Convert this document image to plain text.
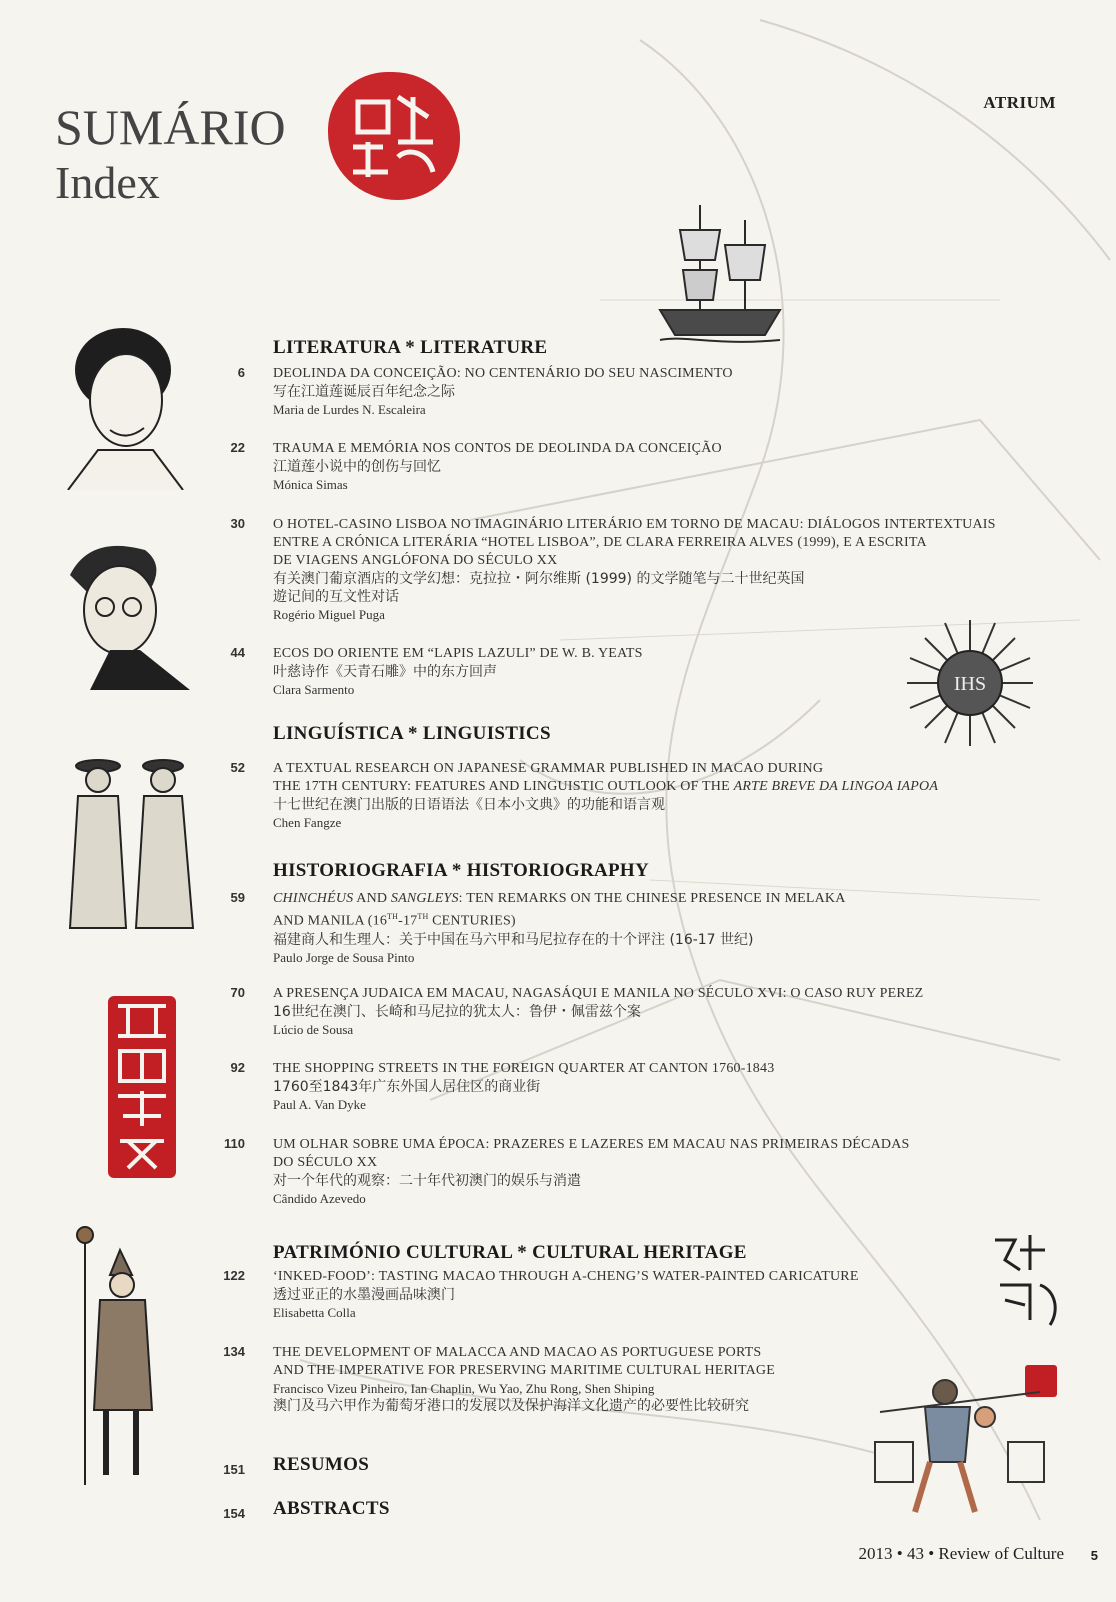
SUMÁRIO
Index
ATRIUM
IHS
LITERATURA * LITERATURE
6 DEOLINDA DA CONCEIÇÃO: NO CENTENÁRIO DO SEU NASCIMENTO
写在江道莲诞辰百年纪念之际
Maria de Lurdes N. Escaleira
22 TRAUMA E MEMÓRIA NOS CONTOS DE DEOLINDA DA CONCEIÇÃO
江道莲小说中的创伤与回忆
Mónica Simas
30 O HOTEL-CASINO LISBOA NO IMAGINÁRIO LITERÁRIO EM TORNO DE MACAU: DIÁLOGOS INTERTEXTUAIS
ENTRE A CRÓNICA LITERÁRIA “HOTEL LISBOA”, DE CLARA FERREIRA ALVES (1999), E A ESCRITA
DE VIAGENS ANGLÓFONA DO SÉCULO XX
有关澳门葡京酒店的文学幻想：克拉拉・阿尔维斯 (1999) 的文学随笔与二十世纪英国
遊记间的互文性对话
Rogério Miguel Puga
44 ECOS DO ORIENTE EM “LAPIS LAZULI” DE W. B. YEATS
叶慈诗作《天青石雕》中的东方回声
Clara Sarmento
LINGUÍSTICA * LINGUISTICS
52 A TEXTUAL RESEARCH ON JAPANESE GRAMMAR PUBLISHED IN MACAO DURING
THE 17TH CENTURY: FEATURES AND LINGUISTIC OUTLOOK OF THE ARTE BREVE DA LINGOA IAPOA
十七世纪在澳门出版的日语语法《日本小文典》的功能和语言观
Chen Fangze
HISTORIOGRAFIA * HISTORIOGRAPHY
59 CHINCHÉUS AND SANGLEYS: TEN REMARKS ON THE CHINESE PRESENCE IN MELAKA
AND MANILA (16TH-17TH CENTURIES)
福建商人和生理人：关于中国在马六甲和马尼拉存在的十个评注 (16-17 世纪)
Paulo Jorge de Sousa Pinto
70 A PRESENÇA JUDAICA EM MACAU, NAGASÁQUI E MANILA NO SÉCULO XVI: O CASO RUY PEREZ
16世纪在澳门、长崎和马尼拉的犹太人：鲁伊・佩雷兹个案
Lúcio de Sousa
92 THE SHOPPING STREETS IN THE FOREIGN QUARTER AT CANTON 1760-1843
1760至1843年广东外国人居住区的商业街
Paul A. Van Dyke
110 UM OLHAR SOBRE UMA ÉPOCA: PRAZERES E LAZERES EM MACAU NAS PRIMEIRAS DÉCADAS
DO SÉCULO XX
对一个年代的观察：二十年代初澳门的娱乐与消遣
Cândido Azevedo
PATRIMÓNIO CULTURAL * CULTURAL HERITAGE
122 ‘INKED-FOOD’: TASTING MACAO THROUGH A-CHENG’S WATER-PAINTED CARICATURE
透过亚正的水墨漫画品味澳门
Elisabetta Colla
134 THE DEVELOPMENT OF MALACCA AND MACAO AS PORTUGUESE PORTS
AND THE IMPERATIVE FOR PRESERVING MARITIME CULTURAL HERITAGE
Francisco Vizeu Pinheiro, Ian Chaplin, Wu Yao, Zhu Rong, Shen Shiping
澳门及马六甲作为葡萄牙港口的发展以及保护海洋文化遗产的必要性比较研究
151 RESUMOS
154 ABSTRACTS
2013 • 43 • Review of Culture 5
